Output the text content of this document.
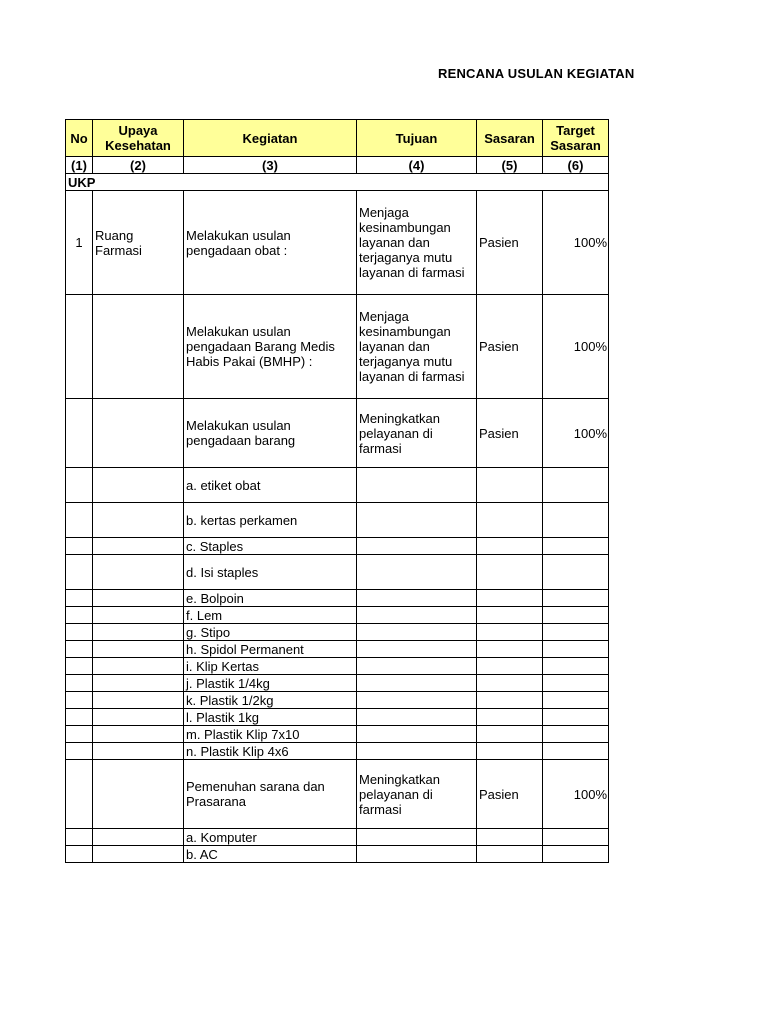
RENCANA USULAN KEGIATAN
No	Upaya Kesehatan	Kegiatan	Tujuan	Sasaran	Target Sasaran
(1)	(2)	(3)	(4)	(5)	(6)
UKP					
1	Ruang Farmasi	Melakukan usulan pengadaan obat :	Menjaga kesinambungan layanan dan terjaganya mutu layanan di farmasi	Pasien	100%
		Melakukan usulan pengadaan Barang Medis Habis Pakai (BMHP) :	Menjaga kesinambungan layanan dan terjaganya mutu layanan di farmasi	Pasien	100%
		Melakukan usulan pengadaan barang	Meningkatkan pelayanan di farmasi	Pasien	100%
		a. etiket obat			
		b. kertas perkamen			
		c. Staples			
		d. Isi staples			
		e. Bolpoin			
		f. Lem			
		g. Stipo			
		h. Spidol Permanent			
		i. Klip Kertas			
		j. Plastik 1/4kg			
		k. Plastik 1/2kg			
		l. Plastik 1kg			
		m. Plastik Klip 7x10			
		n. Plastik Klip 4x6			
		Pemenuhan sarana dan Prasarana	Meningkatkan pelayanan di farmasi	Pasien	100%
		a. Komputer			
		b. AC			
